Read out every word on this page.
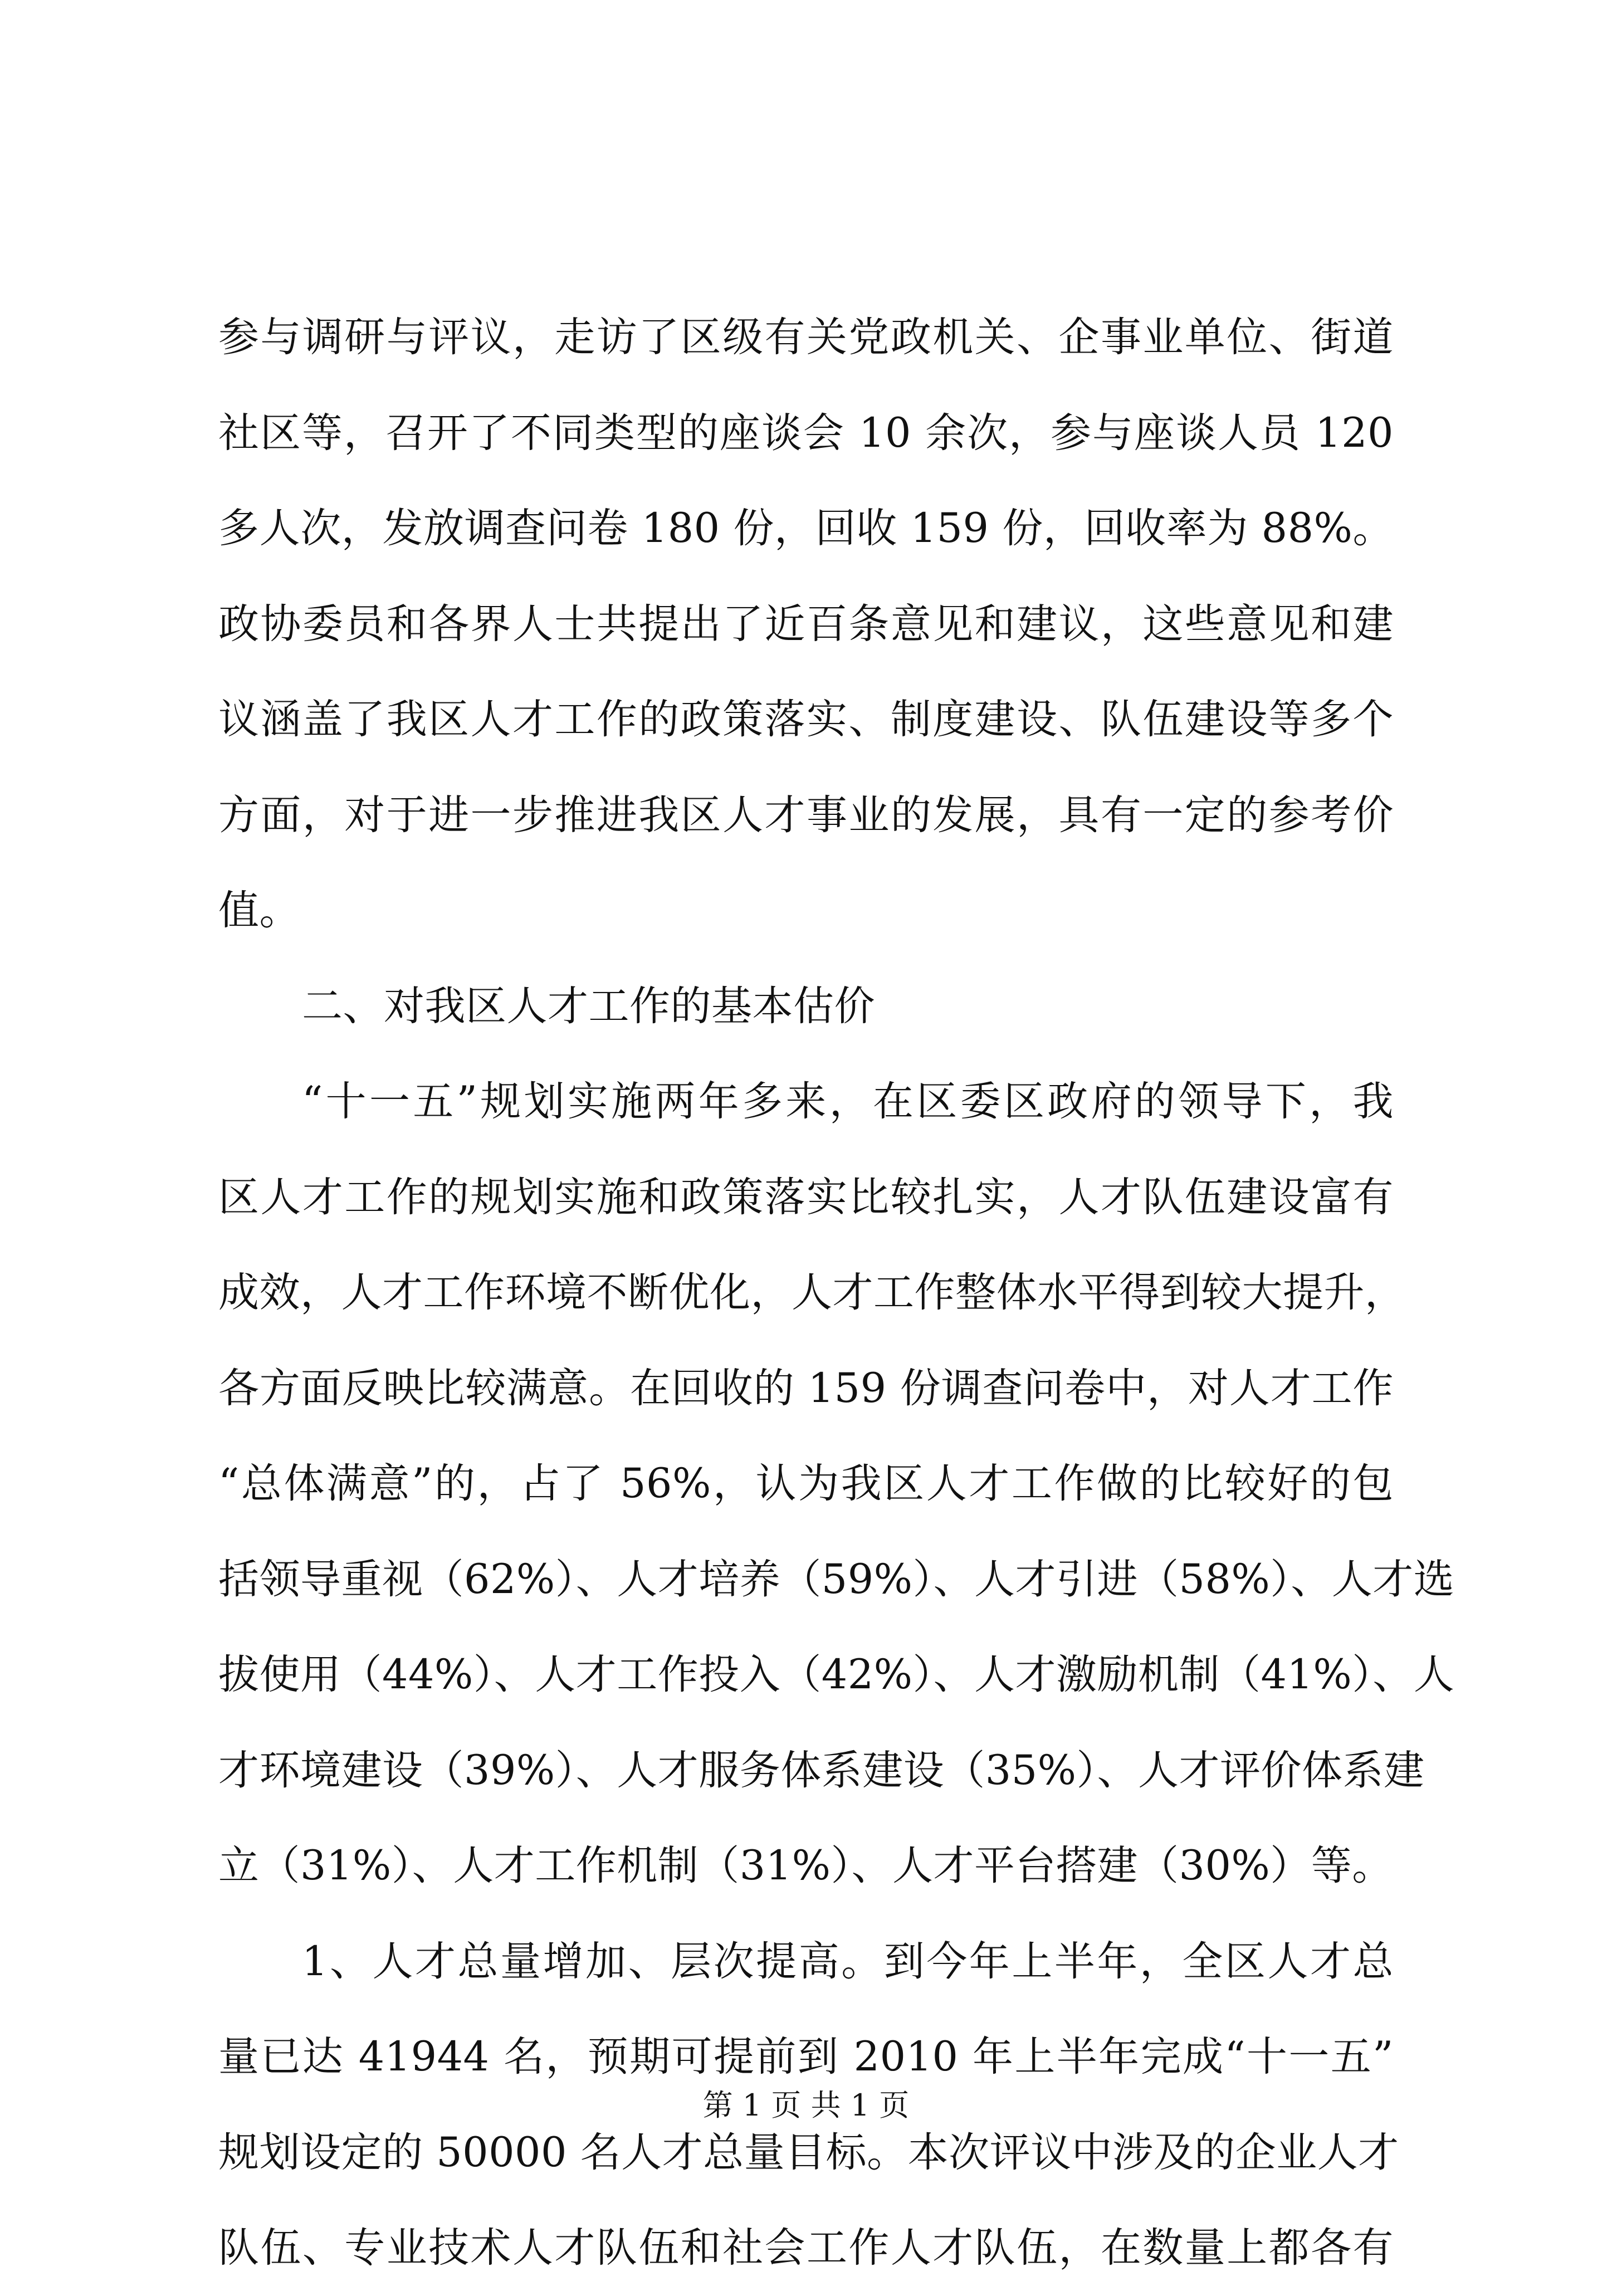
参与调研与评议，走访了区级有关党政机关、企事业单位、街道
社区等，召开了不同类型的座谈会 10 余次，参与座谈人员 120
多人次，发放调查问卷 180 份，回收 159 份，回收率为 88%。
政协委员和各界人士共提出了近百条意见和建议，这些意见和建
议涵盖了我区人才工作的政策落实、制度建设、队伍建设等多个
方面，对于进一步推进我区人才事业的发展，具有一定的参考价
值。
二、对我区人才工作的基本估价
“十一五”规划实施两年多来，在区委区政府的领导下，我
区人才工作的规划实施和政策落实比较扎实，人才队伍建设富有
成效，人才工作环境不断优化，人才工作整体水平得到较大提升，
各方面反映比较满意。在回收的 159 份调查问卷中，对人才工作
“总体满意”的，占了 56%，认为我区人才工作做的比较好的包
括领导重视（62%）、人才培养（59%）、人才引进（58%）、人才选
拔使用（44%）、人才工作投入（42%）、人才激励机制（41%）、人
才环境建设（39%）、人才服务体系建设（35%）、人才评价体系建
立（31%）、人才工作机制（31%）、人才平台搭建（30%）等。
1、人才总量增加、层次提高。到今年上半年，全区人才总
量已达 41944 名，预期可提前到 2010 年上半年完成“十一五”
规划设定的 50000 名人才总量目标。本次评议中涉及的企业人才
队伍、专业技术人才队伍和社会工作人才队伍，在数量上都各有
第 1 页 共 1 页
